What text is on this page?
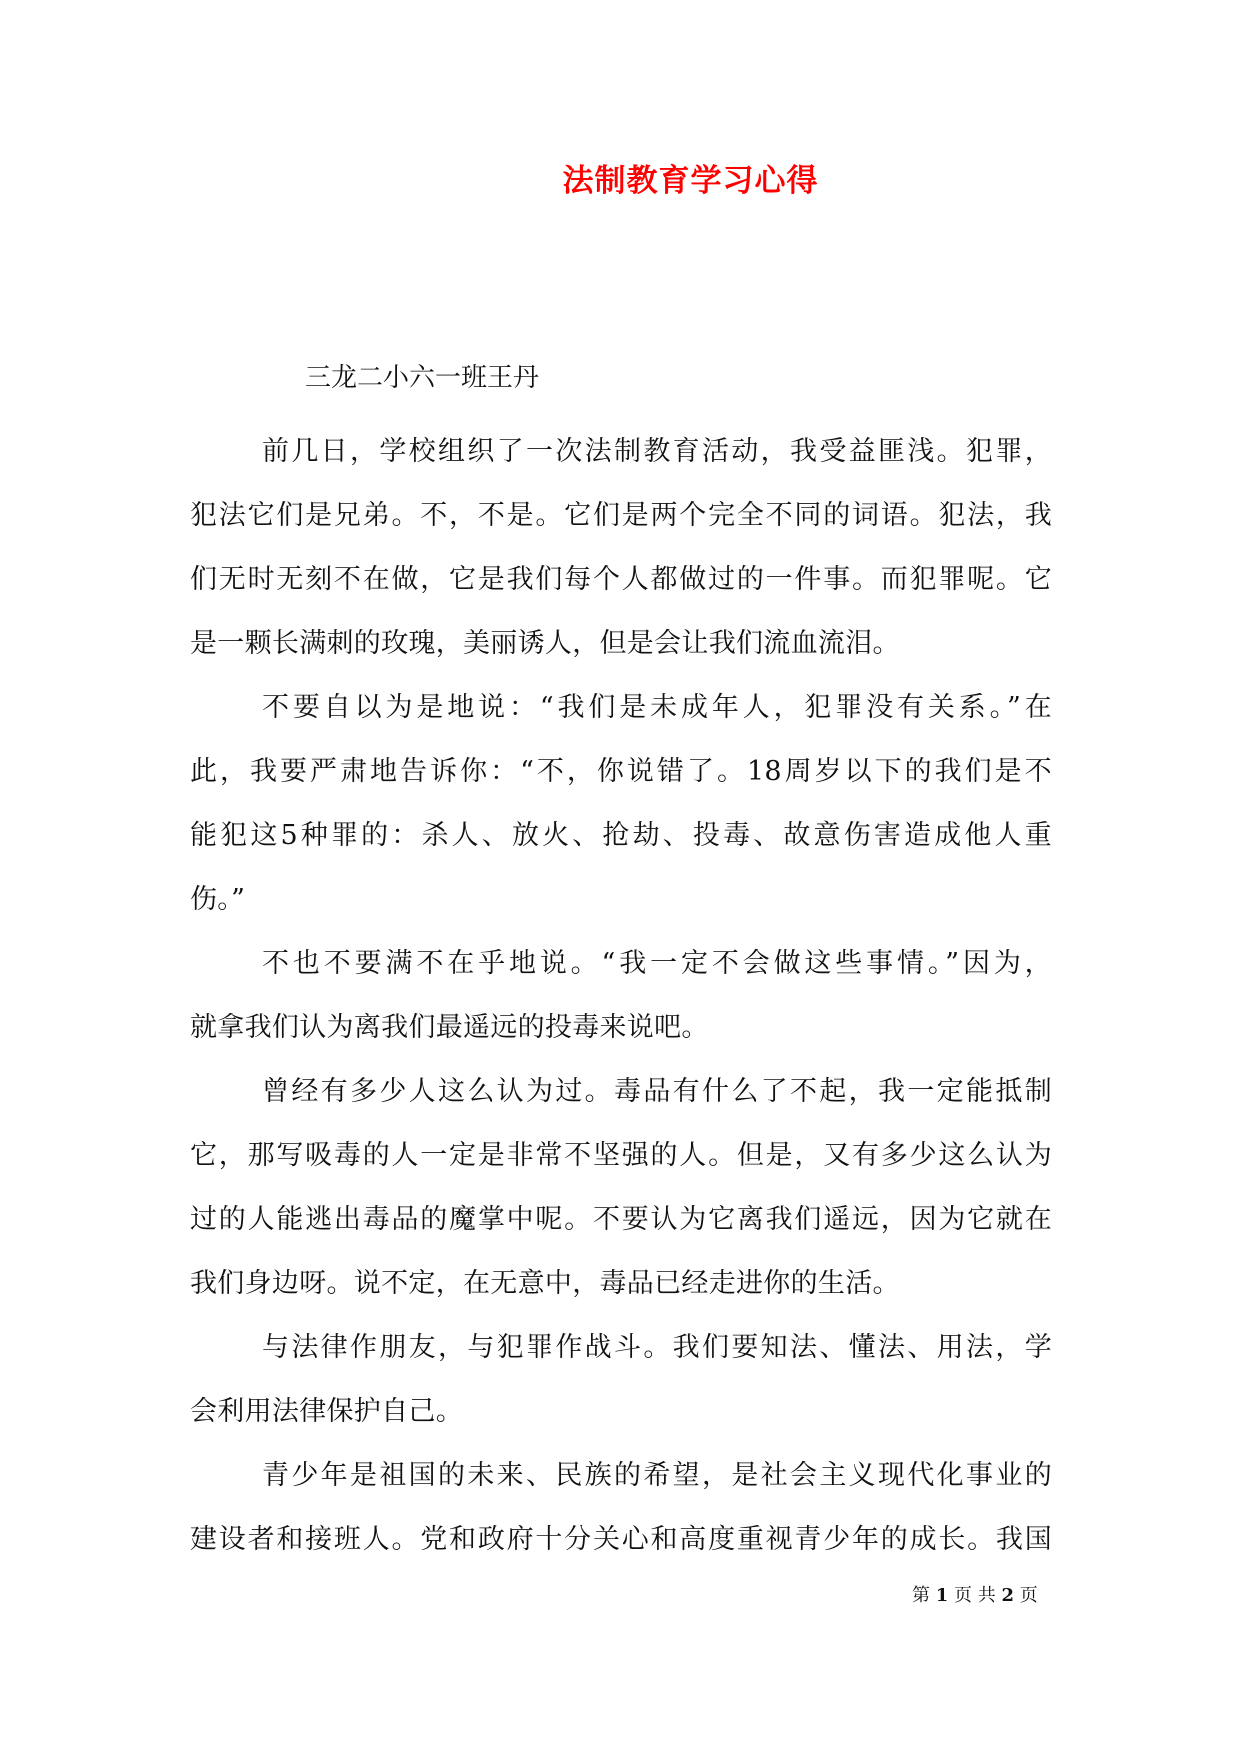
法制教育学习心得
三龙二小六一班王丹
前几日，学校组织了一次法制教育活动，我受益匪浅。犯罪，
犯法它们是兄弟。不，不是。它们是两个完全不同的词语。犯法，我
们无时无刻不在做，它是我们每个人都做过的一件事。而犯罪呢。它
是一颗长满刺的玫瑰，美丽诱人，但是会让我们流血流泪。
不要自以为是地说：“我们是未成年人，犯罪没有关系。”在
此，我要严肃地告诉你：“不，你说错了。18周岁以下的我们是不
能犯这5种罪的：杀人、放火、抢劫、投毒、故意伤害造成他人重
伤。”
不也不要满不在乎地说。“我一定不会做这些事情。”因为，
就拿我们认为离我们最遥远的投毒来说吧。
曾经有多少人这么认为过。毒品有什么了不起，我一定能抵制
它，那写吸毒的人一定是非常不坚强的人。但是，又有多少这么认为
过的人能逃出毒品的魔掌中呢。不要认为它离我们遥远，因为它就在
我们身边呀。说不定，在无意中，毒品已经走进你的生活。
与法律作朋友，与犯罪作战斗。我们要知法、懂法、用法，学
会利用法律保护自己。
青少年是祖国的未来、民族的希望，是社会主义现代化事业的
建设者和接班人。党和政府十分关心和高度重视青少年的成长。我国
第 1 页 共 2 页
